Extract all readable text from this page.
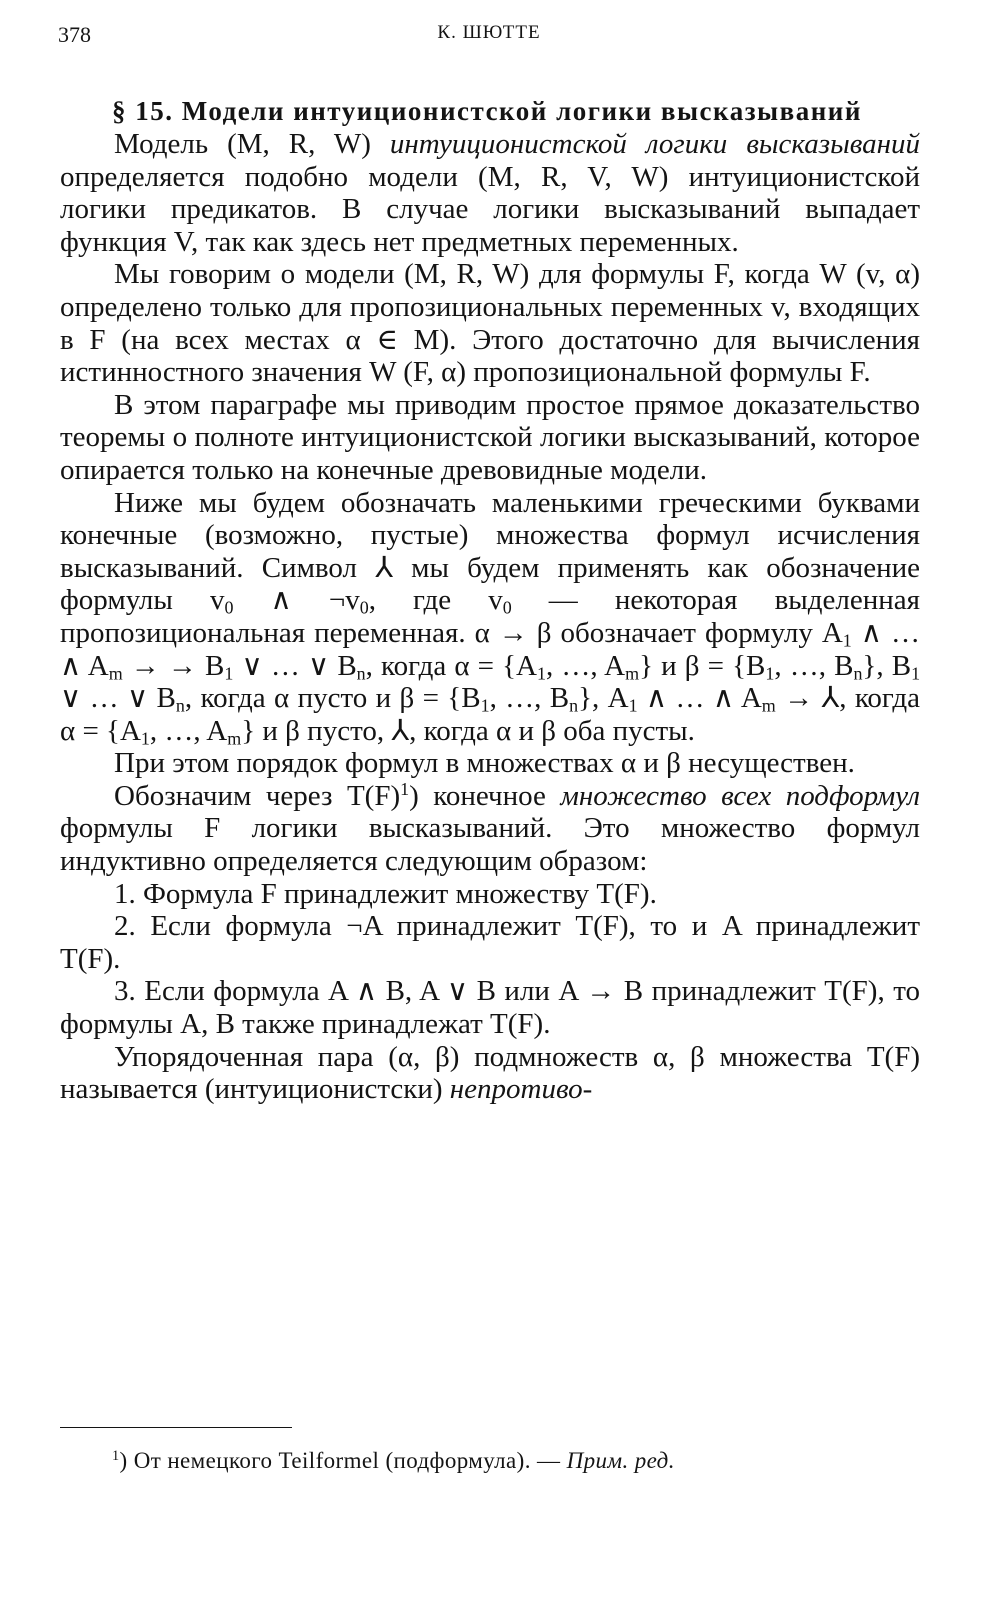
378	К. ШЮТТЕ
§ 15. Модели интуиционистской логики высказываний

Модель (M, R, W) интуиционистской логики высказываний определяется подобно модели (M, R, V, W) интуиционистской логики предикатов. В случае логики высказываний выпадает функция V, так как здесь нет предметных переменных.

Мы говорим о модели (M, R, W) для формулы F, когда W (v, α) определено только для пропозициональных переменных v, входящих в F (на всех местах α ∈ M). Этого достаточно для вычисления истинностного значения W (F, α) пропозициональной формулы F.

В этом параграфе мы приводим простое прямое доказательство теоремы о полноте интуиционистской логики высказываний, которое опирается только на конечные древовидные модели.

Ниже мы будем обозначать маленькими греческими буквами конечные (возможно, пустые) множества формул исчисления высказываний. Символ ⅄ мы будем применять как обозначение формулы $v_0$ ∧ $\neg v_0$, где $v_0$ — некоторая выделенная пропозициональная переменная. α → β обозначает формулу $A_1$ ∧ … ∧ $A_m$ → → $B_1$ ∨ … ∨ $B_n$, когда $\alpha = \{A_1$, …, $A_m$} и $\beta = \{B_1$, …, $B_n$}, $B_1$ ∨ … ∨ $B_n$, когда α пусто и $\beta = \{B_1$, …, $B_n$}, $A_1$ ∧ … ∧ $A_m$ → ⅄, когда $\alpha = \{A_1$, …, $A_m$} и β пусто, ⅄, когда α и β оба пусты.

При этом порядок формул в множествах α и β несуществен.

Обозначим через $T(F)^1$) конечное множество всех подформул формулы F логики высказываний. Это множество формул индуктивно определяется следующим образом:

1. Формула F принадлежит множеству T(F).

2. Если формула ¬A принадлежит T(F), то и A принадлежит T(F).

3. Если формула A ∧ B, A ∨ B или A → B принадлежит T(F), то формулы A, B также принадлежат T(F).

Упорядоченная пара (α, β) подмножеств α, β множества T(F) называется (интуиционистски) непротиво-

$^1$) От немецкого Teilformel (подформула). — Прим. ред.
